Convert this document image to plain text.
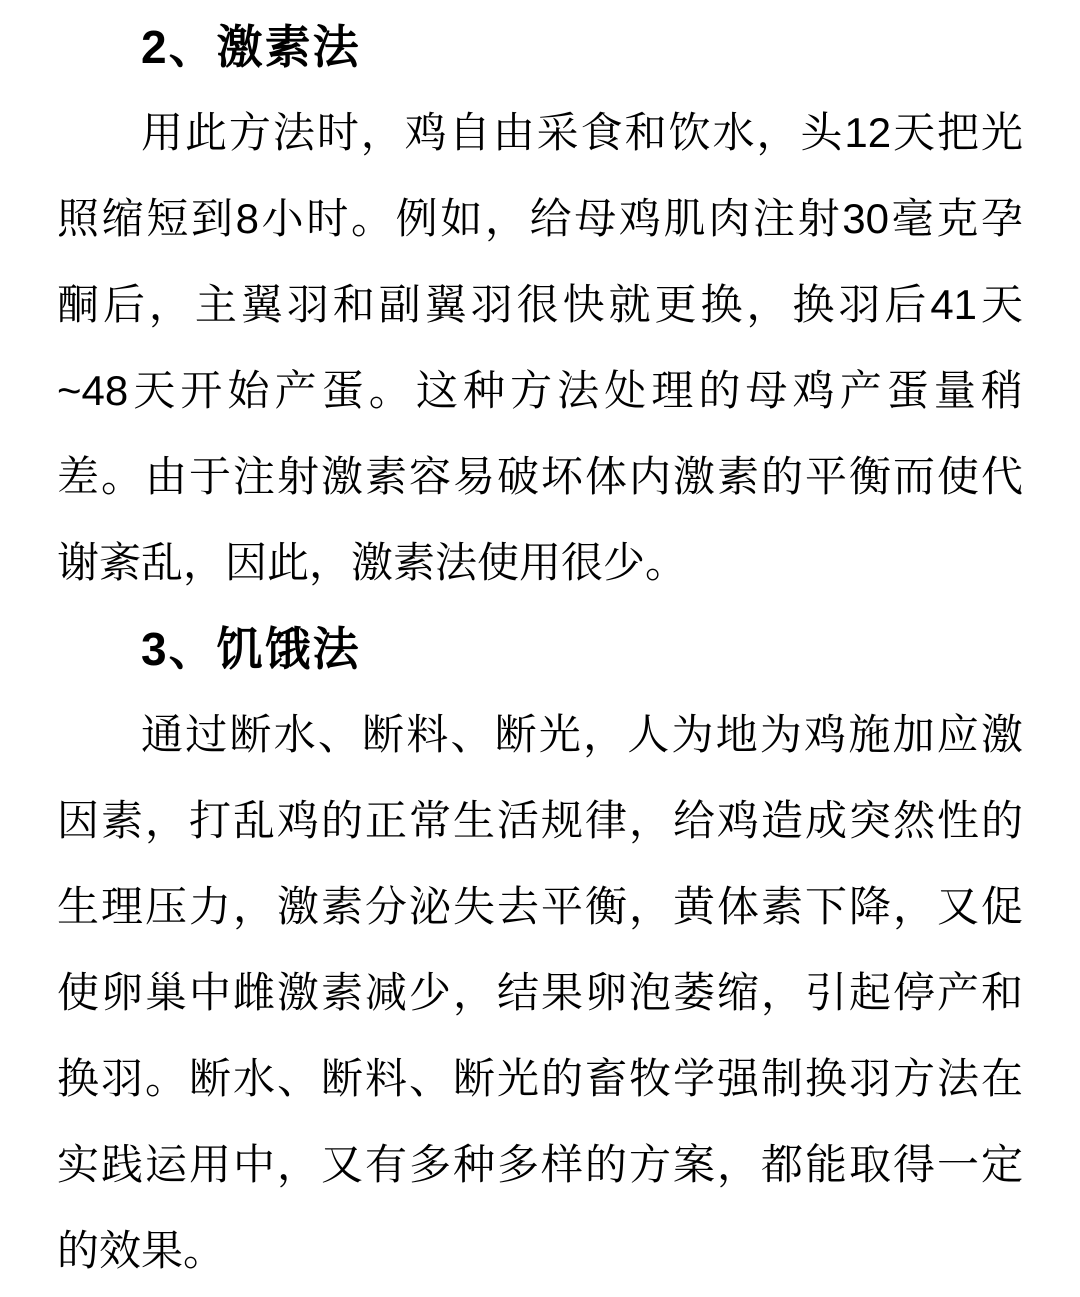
2、激素法
用此方法时，鸡自由采食和饮水，头12天把光
照缩短到8小时。例如，给母鸡肌肉注射30毫克孕
酮后，主翼羽和副翼羽很快就更换，换羽后41天
~48天开始产蛋。这种方法处理的母鸡产蛋量稍
差。由于注射激素容易破坏体内激素的平衡而使代
谢紊乱，因此，激素法使用很少。
3、饥饿法
通过断水、断料、断光，人为地为鸡施加应激
因素，打乱鸡的正常生活规律，给鸡造成突然性的
生理压力，激素分泌失去平衡，黄体素下降，又促
使卵巢中雌激素减少，结果卵泡萎缩，引起停产和
换羽。断水、断料、断光的畜牧学强制换羽方法在
实践运用中，又有多种多样的方案，都能取得一定
的效果。
